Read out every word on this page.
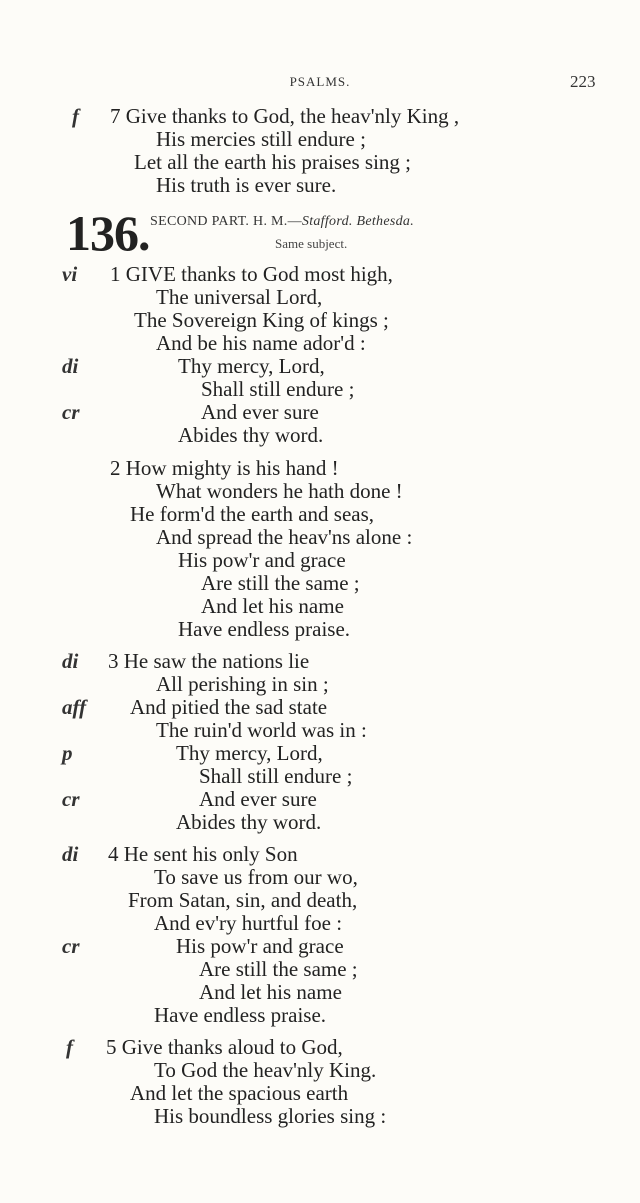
PSALMS.	223
136. SECOND PART. H. M.—Stafford. Bethesda.
Same subject.
f 7 Give thanks to God, the heav'nly King ,
His mercies still endure ;
Let all the earth his praises sing ;
His truth is ever sure.
vi 1 GIVE thanks to God most high,
The universal Lord,
The Sovereign King of kings ;
And be his name ador'd :
di	Thy mercy, Lord,
Shall still endure ;
cr	And ever sure
Abides thy word.
2 How mighty is his hand !
What wonders he hath done !
He form'd the earth and seas,
And spread the heav'ns alone :
His pow'r and grace
Are still the same ;
And let his name
Have endless praise.
di 3 He saw the nations lie
All perishing in sin ;
aff And pitied the sad state
The ruin'd world was in :
p	Thy mercy, Lord,
Shall still endure ;
cr	And ever sure
Abides thy word.
di 4 He sent his only Son
To save us from our wo,
From Satan, sin, and death,
And ev'ry hurtful foe :
cr	His pow'r and grace
Are still the same ;
And let his name
Have endless praise.
f 5 Give thanks aloud to God,
To God the heav'nly King.
And let the spacious earth
His boundless glories sing :
